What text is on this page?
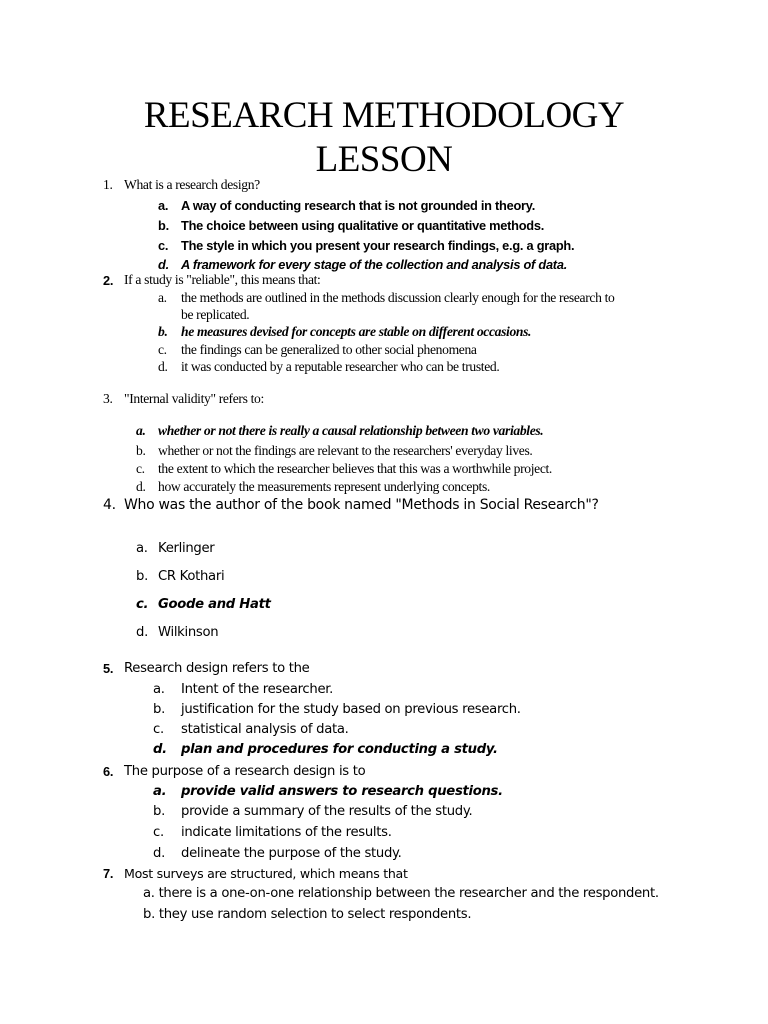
RESEARCH METHODOLOGY
LESSON
1. What is a research design?
a. A way of conducting research that is not grounded in theory.
b. The choice between using qualitative or quantitative methods.
c. The style in which you present your research findings, e.g. a graph.
d. A framework for every stage of the collection and analysis of data.
2. If a study is "reliable", this means that:
a. the methods are outlined in the methods discussion clearly enough for the research to
be replicated.
b. he measures devised for concepts are stable on different occasions.
c. the findings can be generalized to other social phenomena
d. it was conducted by a reputable researcher who can be trusted.
3. "Internal validity" refers to:
a. whether or not there is really a causal relationship between two variables.
b. whether or not the findings are relevant to the researchers' everyday lives.
c. the extent to which the researcher believes that this was a worthwhile project.
d. how accurately the measurements represent underlying concepts.
4. Who was the author of the book named "Methods in Social Research"?
a. Kerlinger
b. CR Kothari
c. Goode and Hatt
d. Wilkinson
5. Research design refers to the
a. Intent of the researcher.
b. justification for the study based on previous research.
c. statistical analysis of data.
d. plan and procedures for conducting a study.
6. The purpose of a research design is to
a. provide valid answers to research questions.
b. provide a summary of the results of the study.
c. indicate limitations of the results.
d. delineate the purpose of the study.
7. Most surveys are structured, which means that
a. there is a one-on-one relationship between the researcher and the respondent.
b. they use random selection to select respondents.
